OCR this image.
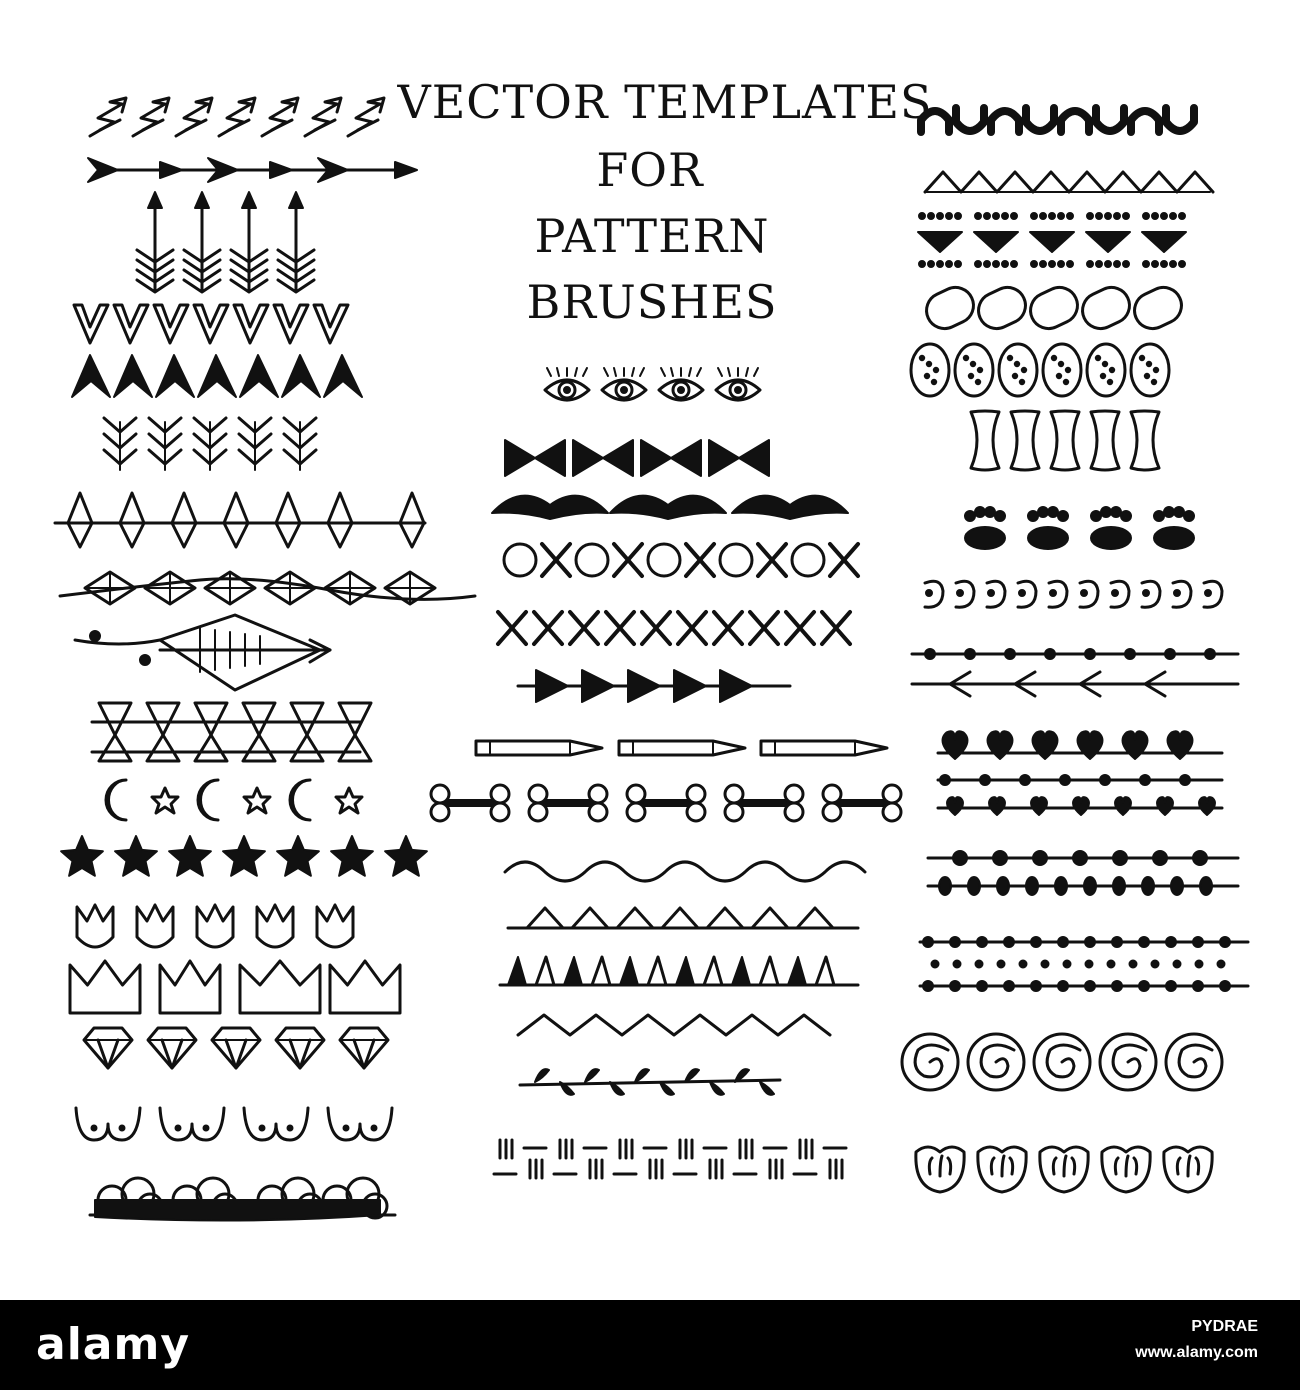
VECTOR TEMPLATES
FOR
PATTERN
BRUSHES
alamy	PYDRAE
www.alamy.com
